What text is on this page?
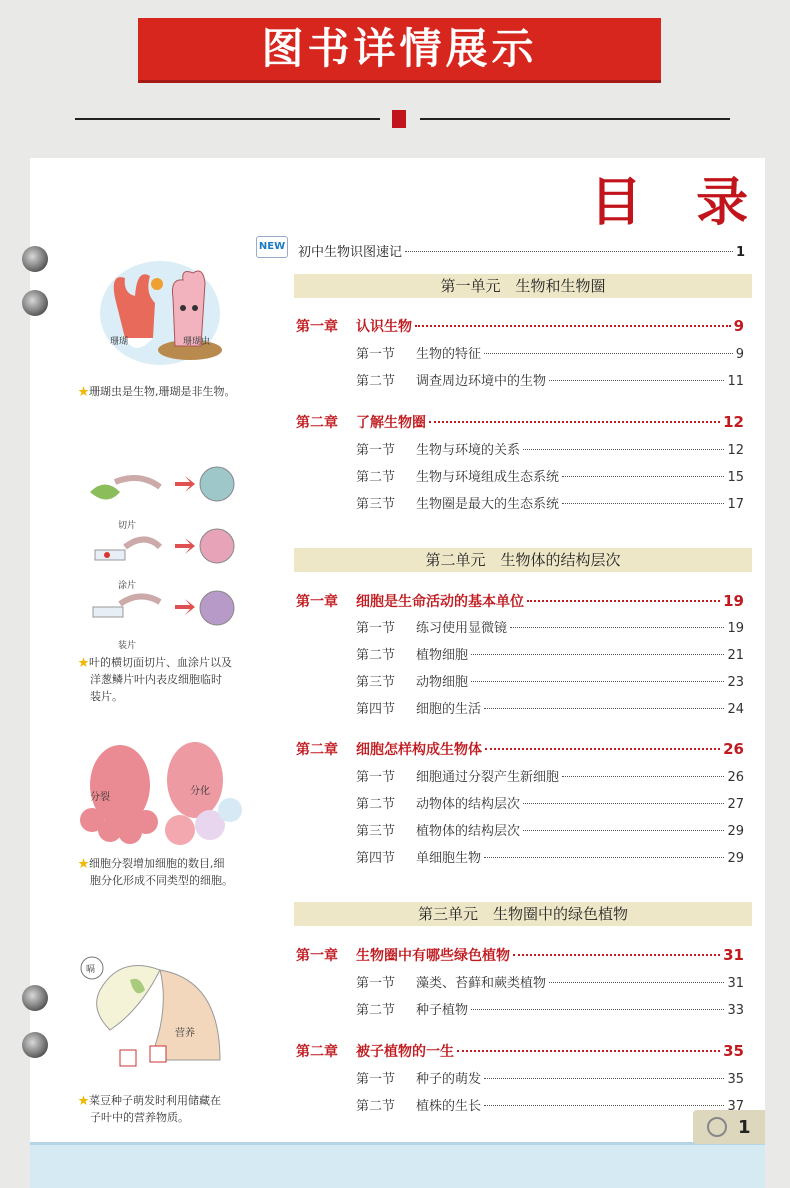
图书详情展示
1
目 录
NEW 初中生物识图速记	1
第一单元　生物和生物圈
第一章	认识生物	9
第一节	生物的特征	9
第二节	调查周边环境中的生物	11
第二章	了解生物圈	12
第一节	生物与环境的关系	12
第二节	生物与环境组成生态系统	15
第三节	生物圈是最大的生态系统	17
第二单元　生物体的结构层次
第一章	细胞是生命活动的基本单位	19
第一节	练习使用显微镜	19
第二节	植物细胞	21
第三节	动物细胞	23
第四节	细胞的生活	24
第二章	细胞怎样构成生物体	26
第一节	细胞通过分裂产生新细胞	26
第二节	动物体的结构层次	27
第三节	植物体的结构层次	29
第四节	单细胞生物	29
第三单元　生物圈中的绿色植物
第一章	生物圈中有哪些绿色植物	31
第一节	藻类、苔藓和蕨类植物	31
第二节	种子植物	33
第二章	被子植物的一生	35
第一节	种子的萌发	35
第二节	植株的生长	37
珊瑚	珊瑚虫
★珊瑚虫是生物,珊瑚是非生物。
切片
涂片
装片
★叶的横切面切片、血涂片以及
洋葱鳞片叶内表皮细胞临时
装片。
分裂
分化
★细胞分裂增加细胞的数目,细
胞分化形成不同类型的细胞。
嗝
营养
★菜豆种子萌发时利用储藏在
子叶中的营养物质。
